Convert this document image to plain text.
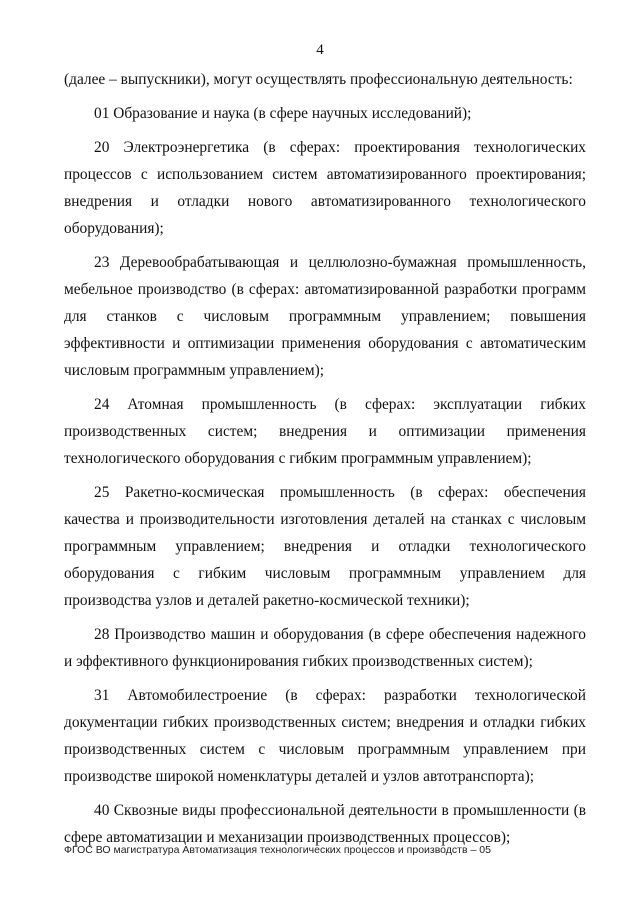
4

(далее – выпускники), могут осуществлять профессиональную деятельность:

01 Образование и наука (в сфере научных исследований);

20 Электроэнергетика (в сферах: проектирования технологических процессов с использованием систем автоматизированного проектирования; внедрения и отладки нового автоматизированного технологического оборудования);

23 Деревообрабатывающая и целлюлозно-бумажная промышленность, мебельное производство (в сферах: автоматизированной разработки программ для станков с числовым программным управлением; повышения эффективности и оптимизации применения оборудования с автоматическим числовым программным управлением);

24 Атомная промышленность (в сферах: эксплуатации гибких производственных систем; внедрения и оптимизации применения технологического оборудования с гибким программным управлением);

25 Ракетно-космическая промышленность (в сферах: обеспечения качества и производительности изготовления деталей на станках с числовым программным управлением; внедрения и отладки технологического оборудования с гибким числовым программным управлением для производства узлов и деталей ракетно-космической техники);

28 Производство машин и оборудования (в сфере обеспечения надежного и эффективного функционирования гибких производственных систем);

31 Автомобилестроение (в сферах: разработки технологической документации гибких производственных систем; внедрения и отладки гибких производственных систем с числовым программным управлением при производстве широкой номенклатуры деталей и узлов автотранспорта);

40 Сквозные виды профессиональной деятельности в промышленности (в сфере автоматизации и механизации производственных процессов);

ФГОС ВО магистратура Автоматизация технологических процессов и производств – 05
